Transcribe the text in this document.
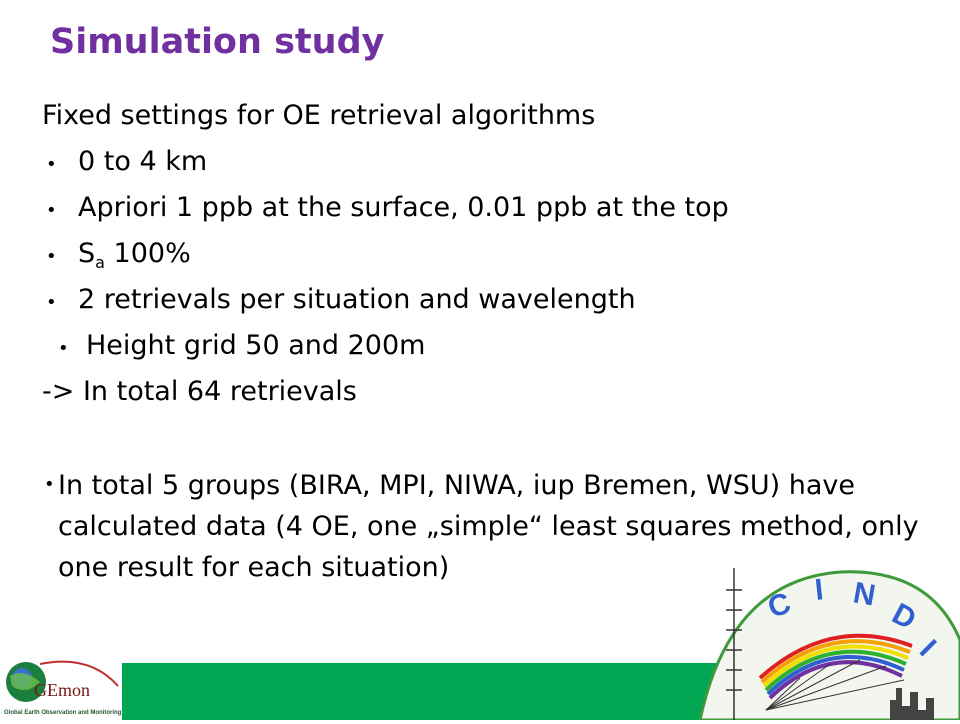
Simulation study
Fixed settings for OE retrieval algorithms
• 0 to 4 km
• Apriori 1 ppb at the surface, 0.01 ppb at the top
• $S_a$ 100%
• 2 retrievals per situation and wavelength
• Height grid 50 and 200m
-> In total 64 retrievals
• In total 5 groups (BIRA, MPI, NIWA, iup Bremen, WSU) have calculated data (4 OE, one „simple“ least squares method, only one result for each situation)
GEmon
Global Earth Observation and Monitoring
C I N
D
I
